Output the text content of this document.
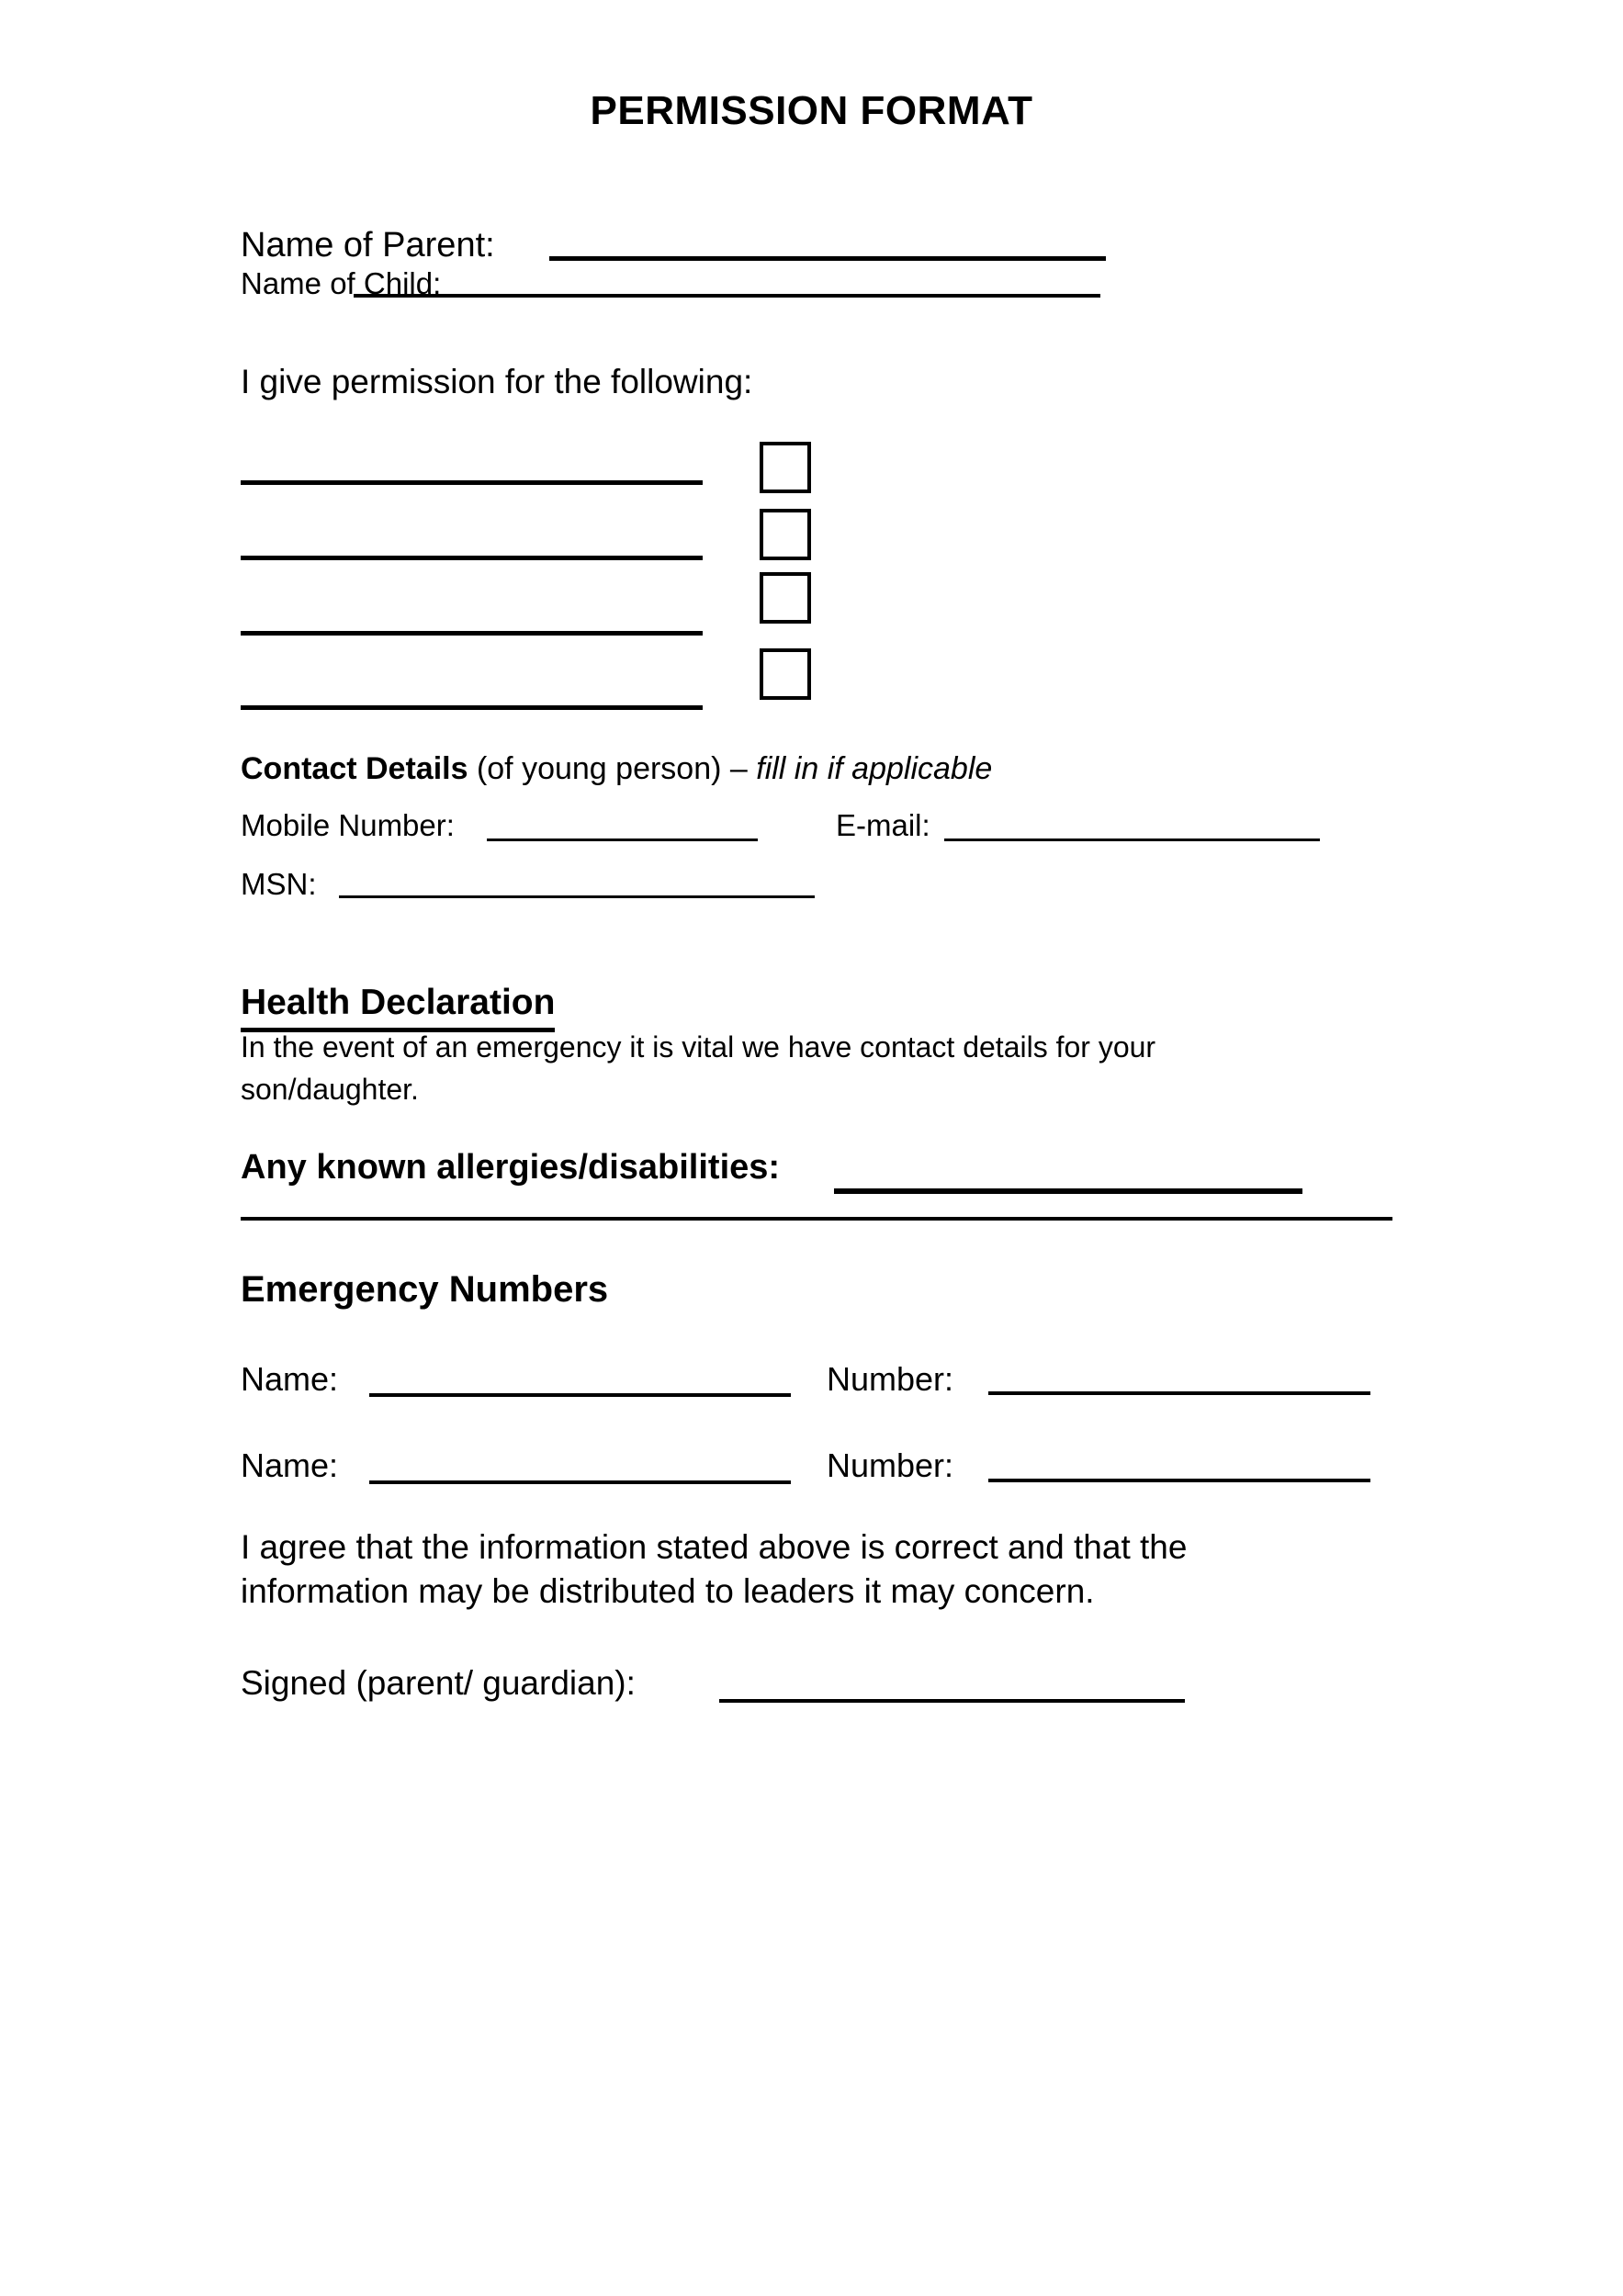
PERMISSION FORMAT
Name of Parent:
Name of Child:
I give permission for the following:
Contact Details (of young person) – fill in if applicable
Mobile Number:	E-mail:
MSN:
Health Declaration
In the event of an emergency it is vital we have contact details for your
son/daughter.
Any known allergies/disabilities:
Emergency Numbers
Name:	Number:
Name:	Number:
I agree that the information stated above is correct and that the
information may be distributed to leaders it may concern.
Signed (parent/ guardian):
